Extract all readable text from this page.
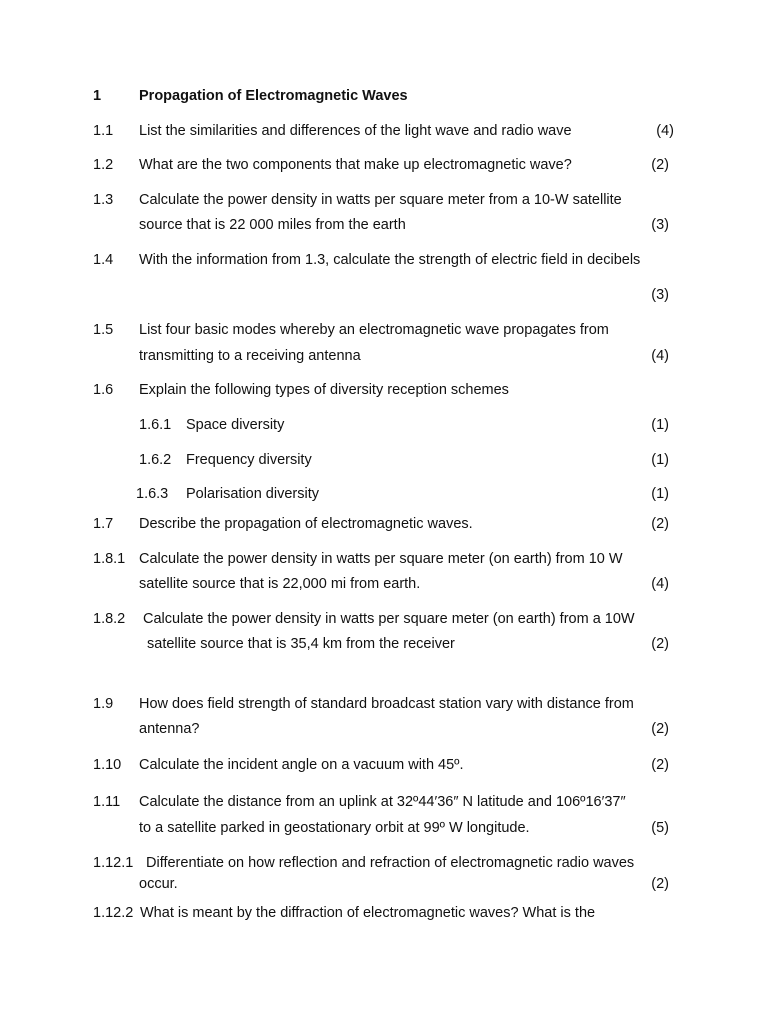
1	Propagation of Electromagnetic Waves
1.1 List the similarities and differences of the light wave and radio wave	(4)
1.2 What are the two components that make up electromagnetic wave?	(2)
1.3 Calculate the power density in watts per square meter from a 10-W satellite
source that is 22 000 miles from the earth	(3)
1.4 With the information from 1.3, calculate the strength of electric field in decibels
(3)
1.5 List four basic modes whereby an electromagnetic wave propagates from
transmitting to a receiving antenna	(4)
1.6 Explain the following types of diversity reception schemes
1.6.1 Space diversity	(1)
1.6.2 Frequency diversity	(1)
1.6.3 Polarisation diversity	(1)
1.7 Describe the propagation of electromagnetic waves.	(2)
1.8.1 Calculate the power density in watts per square meter (on earth) from 10 W
satellite source that is 22,000 mi from earth.	(4)
1.8.2 Calculate the power density in watts per square meter (on earth) from a 10W
satellite source that is 35,4 km from the receiver	(2)
1.9 How does field strength of standard broadcast station vary with distance from
antenna?	(2)
1.10 Calculate the incident angle on a vacuum with 45º.	(2)
1.11 Calculate the distance from an uplink at 32º44′36″ N latitude and 106º16′37″
to a satellite parked in geostationary orbit at 99º W longitude.	(5)
1.12.1 Differentiate on how reflection and refraction of electromagnetic radio waves
occur.	(2)
1.12.2 What is meant by the diffraction of electromagnetic waves? What is the
